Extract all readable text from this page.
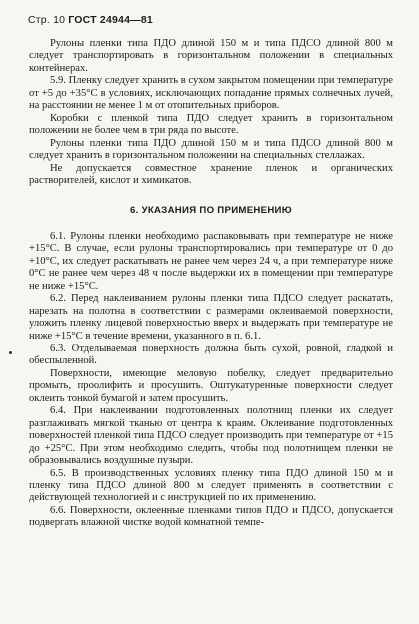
Стр. 10 ГОСТ 24944—81

Рулоны пленки типа ПДО длиной 150 м и типа ПДСО длиной 800 м следует транспортировать в горизонтальном положении в специальных контейнерах.

5.9. Пленку следует хранить в сухом закрытом помещении при температуре от +5 до +35°С в условиях, исключающих попадание прямых солнечных лучей, на расстоянии не менее 1 м от отопительных приборов.

Коробки с пленкой типа ПДО следует хранить в горизонтальном положении не более чем в три ряда по высоте.

Рулоны пленки типа ПДО длиной 150 м и типа ПДСО длиной 800 м следует хранить в горизонтальном положении на специальных стеллажах.

Не допускается совместное хранение пленок и органических растворителей, кислот и химикатов.

6. УКАЗАНИЯ ПО ПРИМЕНЕНИЮ

6.1. Рулоны пленки необходимо распаковывать при температуре не ниже +15°С. В случае, если рулоны транспортировались при температуре от 0 до +10°С, их следует раскатывать не ранее чем через 24 ч, а при температуре ниже 0°С не ранее чем через 48 ч после выдержки их в помещении при температуре не ниже +15°С.

6.2. Перед наклеиванием рулоны пленки типа ПДСО следует раскатать, нарезать на полотна в соответствии с размерами оклеиваемой поверхности, уложить пленку лицевой поверхностью вверх и выдержать при температуре не ниже +15°С в течение времени, указанного в п. 6.1.

6.3. Отделываемая поверхность должна быть сухой, ровной, гладкой и обеспыленной.

Поверхности, имеющие меловую побелку, следует предварительно промыть, проолифить и просушить. Оштукатуренные поверхности следует оклеить тонкой бумагой и затем просушить.

6.4. При наклеивании подготовленных полотнищ пленки их следует разглаживать мягкой тканью от центра к краям. Оклеивание подготовленных поверхностей пленкой типа ПДСО следует производить при температуре от +15 до +25°С. При этом необходимо следить, чтобы под полотнищем пленки не образовывались воздушные пузыри.

6.5. В производственных условиях пленку типа ПДО длиной 150 м и пленку типа ПДСО длиной 800 м следует применять в соответствии с действующей технологией и с инструкцией по их применению.

6.6. Поверхности, оклеенные пленками типов ПДО и ПДСО, допускается подвергать влажной чистке водой комнатной темпе-
